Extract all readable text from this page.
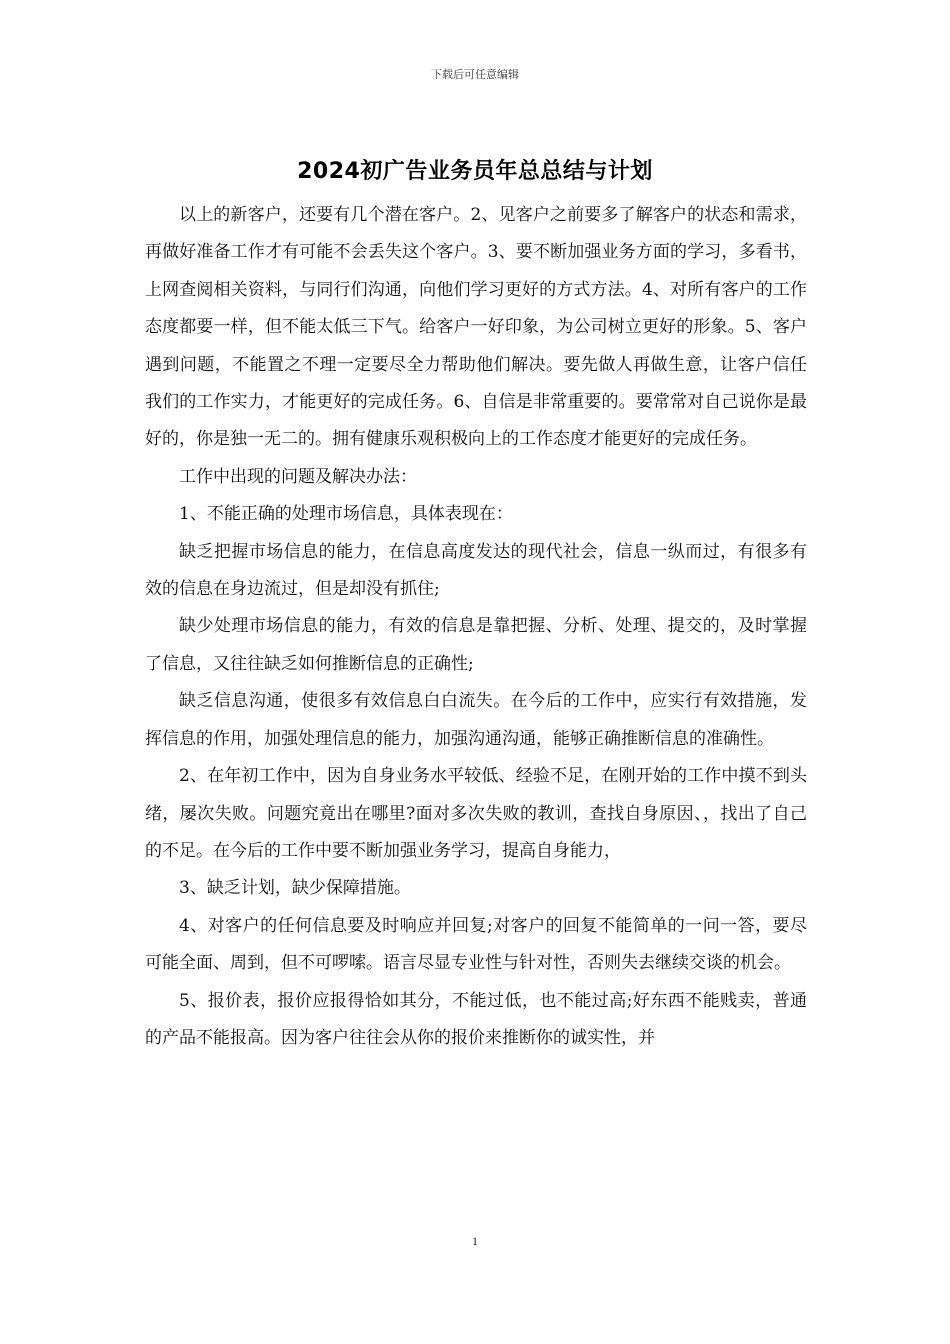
下载后可任意编辑
2024初广告业务员年总总结与计划

以上的新客户，还要有几个潜在客户。2、见客户之前要多了解客户的状态和需求，再做好准备工作才有可能不会丢失这个客户。3、要不断加强业务方面的学习，多看书，上网查阅相关资料，与同行们沟通，向他们学习更好的方式方法。4、对所有客户的工作态度都要一样，但不能太低三下气。给客户一好印象，为公司树立更好的形象。5、客户遇到问题，不能置之不理一定要尽全力帮助他们解决。要先做人再做生意，让客户信任我们的工作实力，才能更好的完成任务。6、自信是非常重要的。要常常对自己说你是最好的，你是独一无二的。拥有健康乐观积极向上的工作态度才能更好的完成任务。

工作中出现的问题及解决办法：

1、不能正确的处理市场信息，具体表现在：

缺乏把握市场信息的能力，在信息高度发达的现代社会，信息一纵而过，有很多有效的信息在身边流过，但是却没有抓住;

缺少处理市场信息的能力，有效的信息是靠把握、分析、处理、提交的，及时掌握了信息，又往往缺乏如何推断信息的正确性;

缺乏信息沟通，使很多有效信息白白流失。在今后的工作中，应实行有效措施，发挥信息的作用，加强处理信息的能力，加强沟通沟通，能够正确推断信息的准确性。

2、在年初工作中，因为自身业务水平较低、经验不足，在刚开始的工作中摸不到头绪，屡次失败。问题究竟出在哪里?面对多次失败的教训，查找自身原因、，找出了自己的不足。在今后的工作中要不断加强业务学习，提高自身能力，

3、缺乏计划，缺少保障措施。

4、对客户的任何信息要及时响应并回复;对客户的回复不能简单的一问一答，要尽可能全面、周到，但不可啰嗦。语言尽显专业性与针对性，否则失去继续交谈的机会。

5、报价表，报价应报得恰如其分，不能过低，也不能过高;好东西不能贱卖，普通的产品不能报高。因为客户往往会从你的报价来推断你的诚实性，并

1
